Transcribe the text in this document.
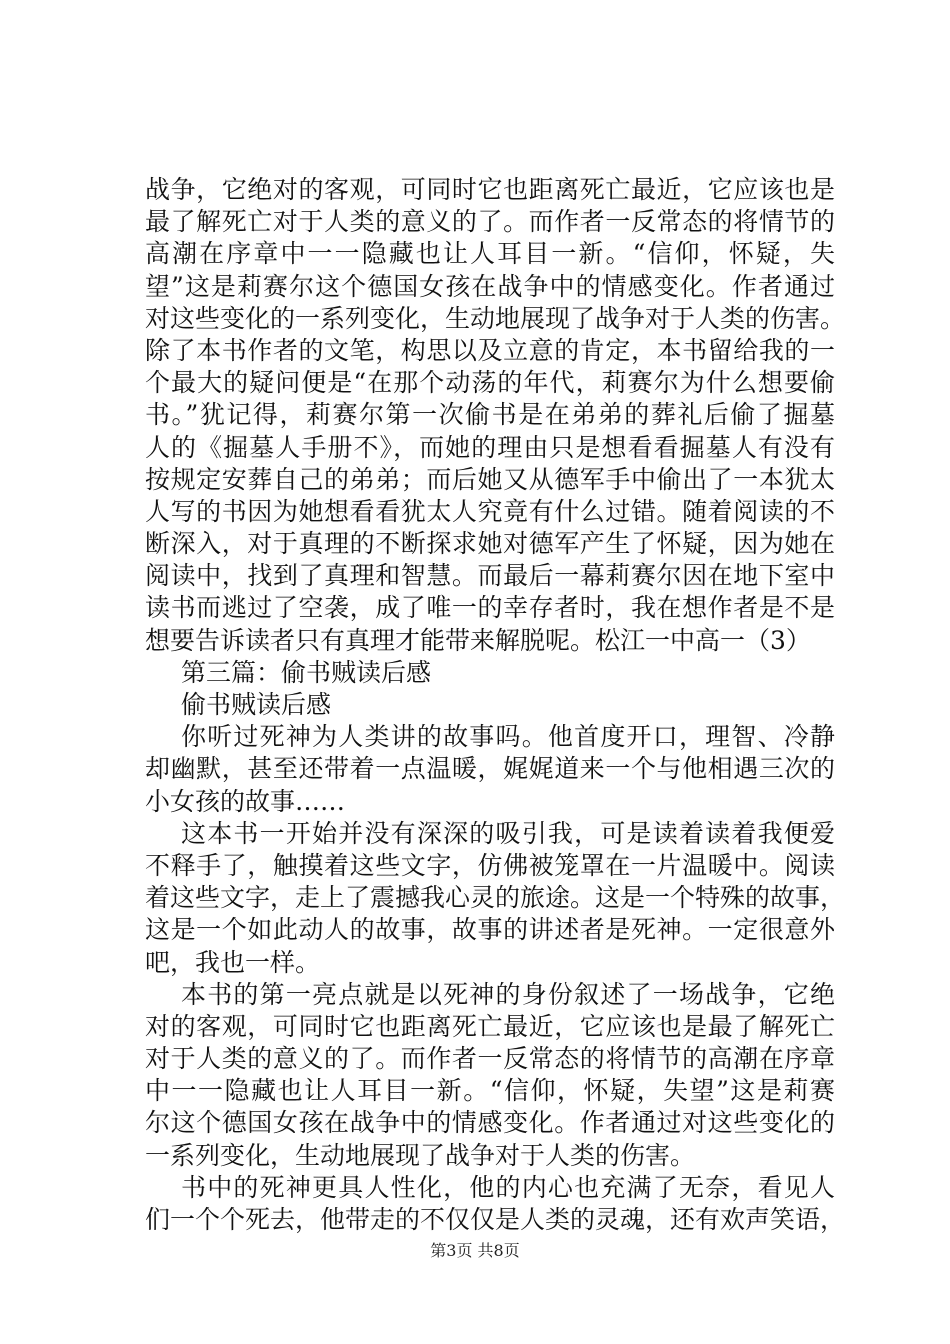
战争，它绝对的客观，可同时它也距离死亡最近，它应该也是
最了解死亡对于人类的意义的了。而作者一反常态的将情节的
高潮在序章中一一隐藏也让人耳目一新。“信仰，怀疑，失
望”这是莉赛尔这个德国女孩在战争中的情感变化。作者通过
对这些变化的一系列变化，生动地展现了战争对于人类的伤害。
除了本书作者的文笔，构思以及立意的肯定，本书留给我的一
个最大的疑问便是“在那个动荡的年代，莉赛尔为什么想要偷
书。”犹记得，莉赛尔第一次偷书是在弟弟的葬礼后偷了掘墓
人的《掘墓人手册不》，而她的理由只是想看看掘墓人有没有
按规定安葬自己的弟弟；而后她又从德军手中偷出了一本犹太
人写的书因为她想看看犹太人究竟有什么过错。随着阅读的不
断深入，对于真理的不断探求她对德军产生了怀疑，因为她在
阅读中，找到了真理和智慧。而最后一幕莉赛尔因在地下室中
读书而逃过了空袭，成了唯一的幸存者时，我在想作者是不是
想要告诉读者只有真理才能带来解脱呢。松江一中高一（3）
第三篇：偷书贼读后感
偷书贼读后感
你听过死神为人类讲的故事吗。他首度开口，理智、冷静
却幽默，甚至还带着一点温暖，娓娓道来一个与他相遇三次的
小女孩的故事……
这本书一开始并没有深深的吸引我，可是读着读着我便爱
不释手了，触摸着这些文字，仿佛被笼罩在一片温暖中。阅读
着这些文字，走上了震撼我心灵的旅途。这是一个特殊的故事，
这是一个如此动人的故事，故事的讲述者是死神。一定很意外
吧，我也一样。
本书的第一亮点就是以死神的身份叙述了一场战争，它绝
对的客观，可同时它也距离死亡最近，它应该也是最了解死亡
对于人类的意义的了。而作者一反常态的将情节的高潮在序章
中一一隐藏也让人耳目一新。“信仰，怀疑，失望”这是莉赛
尔这个德国女孩在战争中的情感变化。作者通过对这些变化的
一系列变化，生动地展现了战争对于人类的伤害。
书中的死神更具人性化，他的内心也充满了无奈，看见人
们一个个死去，他带走的不仅仅是人类的灵魂，还有欢声笑语，
第3页 共8页
